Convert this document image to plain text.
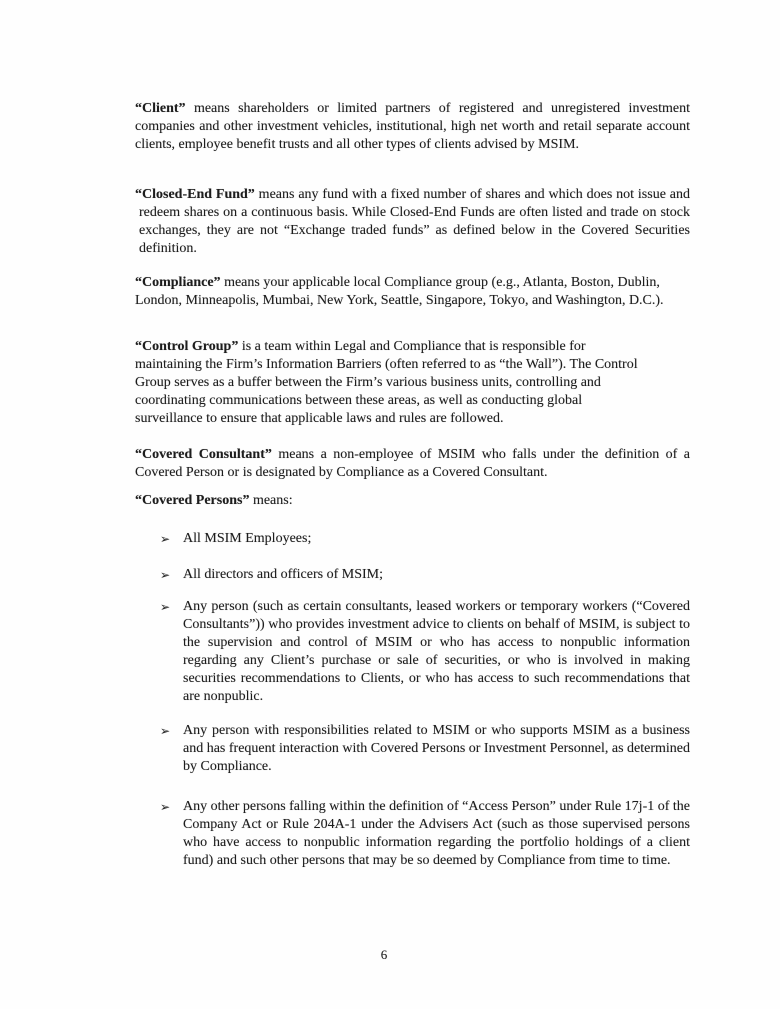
“Client” means shareholders or limited partners of registered and unregistered investment companies and other investment vehicles, institutional, high net worth and retail separate account clients, employee benefit trusts and all other types of clients advised by MSIM.

“Closed-End Fund” means any fund with a fixed number of shares and which does not issue and redeem shares on a continuous basis. While Closed-End Funds are often listed and trade on stock exchanges, they are not “Exchange traded funds” as defined below in the Covered Securities definition.

“Compliance” means your applicable local Compliance group (e.g., Atlanta, Boston, Dublin, London, Minneapolis, Mumbai, New York, Seattle, Singapore, Tokyo, and Washington, D.C.).

“Control Group” is a team within Legal and Compliance that is responsible for maintaining the Firm’s Information Barriers (often referred to as “the Wall”). The Control Group serves as a buffer between the Firm’s various business units, controlling and coordinating communications between these areas, as well as conducting global surveillance to ensure that applicable laws and rules are followed.

“Covered Consultant” means a non-employee of MSIM who falls under the definition of a Covered Person or is designated by Compliance as a Covered Consultant.

“Covered Persons” means:

➢ All MSIM Employees;
➢ All directors and officers of MSIM;
➢ Any person (such as certain consultants, leased workers or temporary workers (“Covered Consultants”)) who provides investment advice to clients on behalf of MSIM, is subject to the supervision and control of MSIM or who has access to nonpublic information regarding any Client’s purchase or sale of securities, or who is involved in making securities recommendations to Clients, or who has access to such recommendations that are nonpublic.
➢ Any person with responsibilities related to MSIM or who supports MSIM as a business and has frequent interaction with Covered Persons or Investment Personnel, as determined by Compliance.
➢ Any other persons falling within the definition of “Access Person” under Rule 17j-1 of the Company Act or Rule 204A-1 under the Advisers Act (such as those supervised persons who have access to nonpublic information regarding the portfolio holdings of a client fund) and such other persons that may be so deemed by Compliance from time to time.
6
